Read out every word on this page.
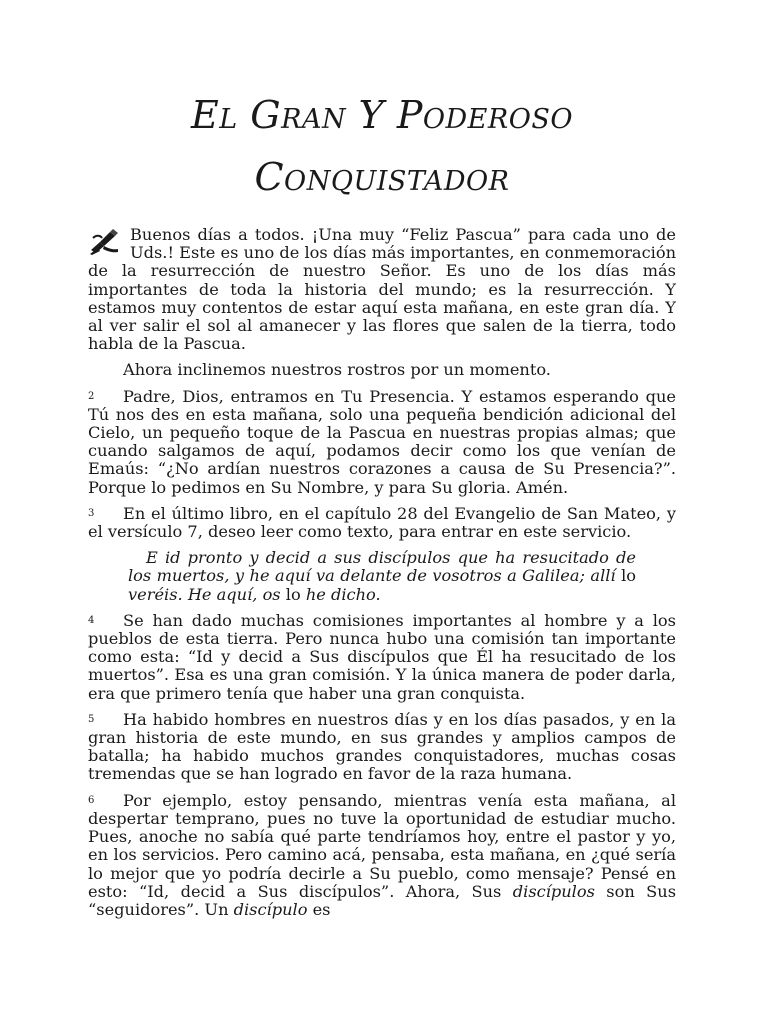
El Gran Y Poderoso
Conquistador
Buenos días a todos. ¡Una muy “Feliz Pascua” para cada uno de Uds.! Este es uno de los días más importantes, en conmemoración de la resurrección de nuestro Señor. Es uno de los días más importantes de toda la historia del mundo; es la resurrección. Y estamos muy contentos de estar aquí esta mañana, en este gran día. Y al ver salir el sol al amanecer y las flores que salen de la tierra, todo habla de la Pascua.

Ahora inclinemos nuestros rostros por un momento.

2 Padre, Dios, entramos en Tu Presencia. Y estamos esperando que Tú nos des en esta mañana, solo una pequeña bendición adicional del Cielo, un pequeño toque de la Pascua en nuestras propias almas; que cuando salgamos de aquí, podamos decir como los que venían de Emaús: “¿No ardían nuestros corazones a causa de Su Presencia?”. Porque lo pedimos en Su Nombre, y para Su gloria. Amén.

3 En el último libro, en el capítulo 28 del Evangelio de San Mateo, y el versículo 7, deseo leer como texto, para entrar en este servicio.

E id pronto y decid a sus discípulos que ha resucitado de los muertos, y he aquí va delante de vosotros a Galilea; allí lo veréis. He aquí, os lo he dicho.

4 Se han dado muchas comisiones importantes al hombre y a los pueblos de esta tierra. Pero nunca hubo una comisión tan importante como esta: “Id y decid a Sus discípulos que Él ha resucitado de los muertos”. Esa es una gran comisión. Y la única manera de poder darla, era que primero tenía que haber una gran conquista.

5 Ha habido hombres en nuestros días y en los días pasados, y en la gran historia de este mundo, en sus grandes y amplios campos de batalla; ha habido muchos grandes conquistadores, muchas cosas tremendas que se han logrado en favor de la raza humana.

6 Por ejemplo, estoy pensando, mientras venía esta mañana, al despertar temprano, pues no tuve la oportunidad de estudiar mucho. Pues, anoche no sabía qué parte tendríamos hoy, entre el pastor y yo, en los servicios. Pero camino acá, pensaba, esta mañana, en ¿qué sería lo mejor que yo podría decirle a Su pueblo, como mensaje? Pensé en esto: “Id, decid a Sus discípulos”. Ahora, Sus discípulos son Sus “seguidores”. Un discípulo es
